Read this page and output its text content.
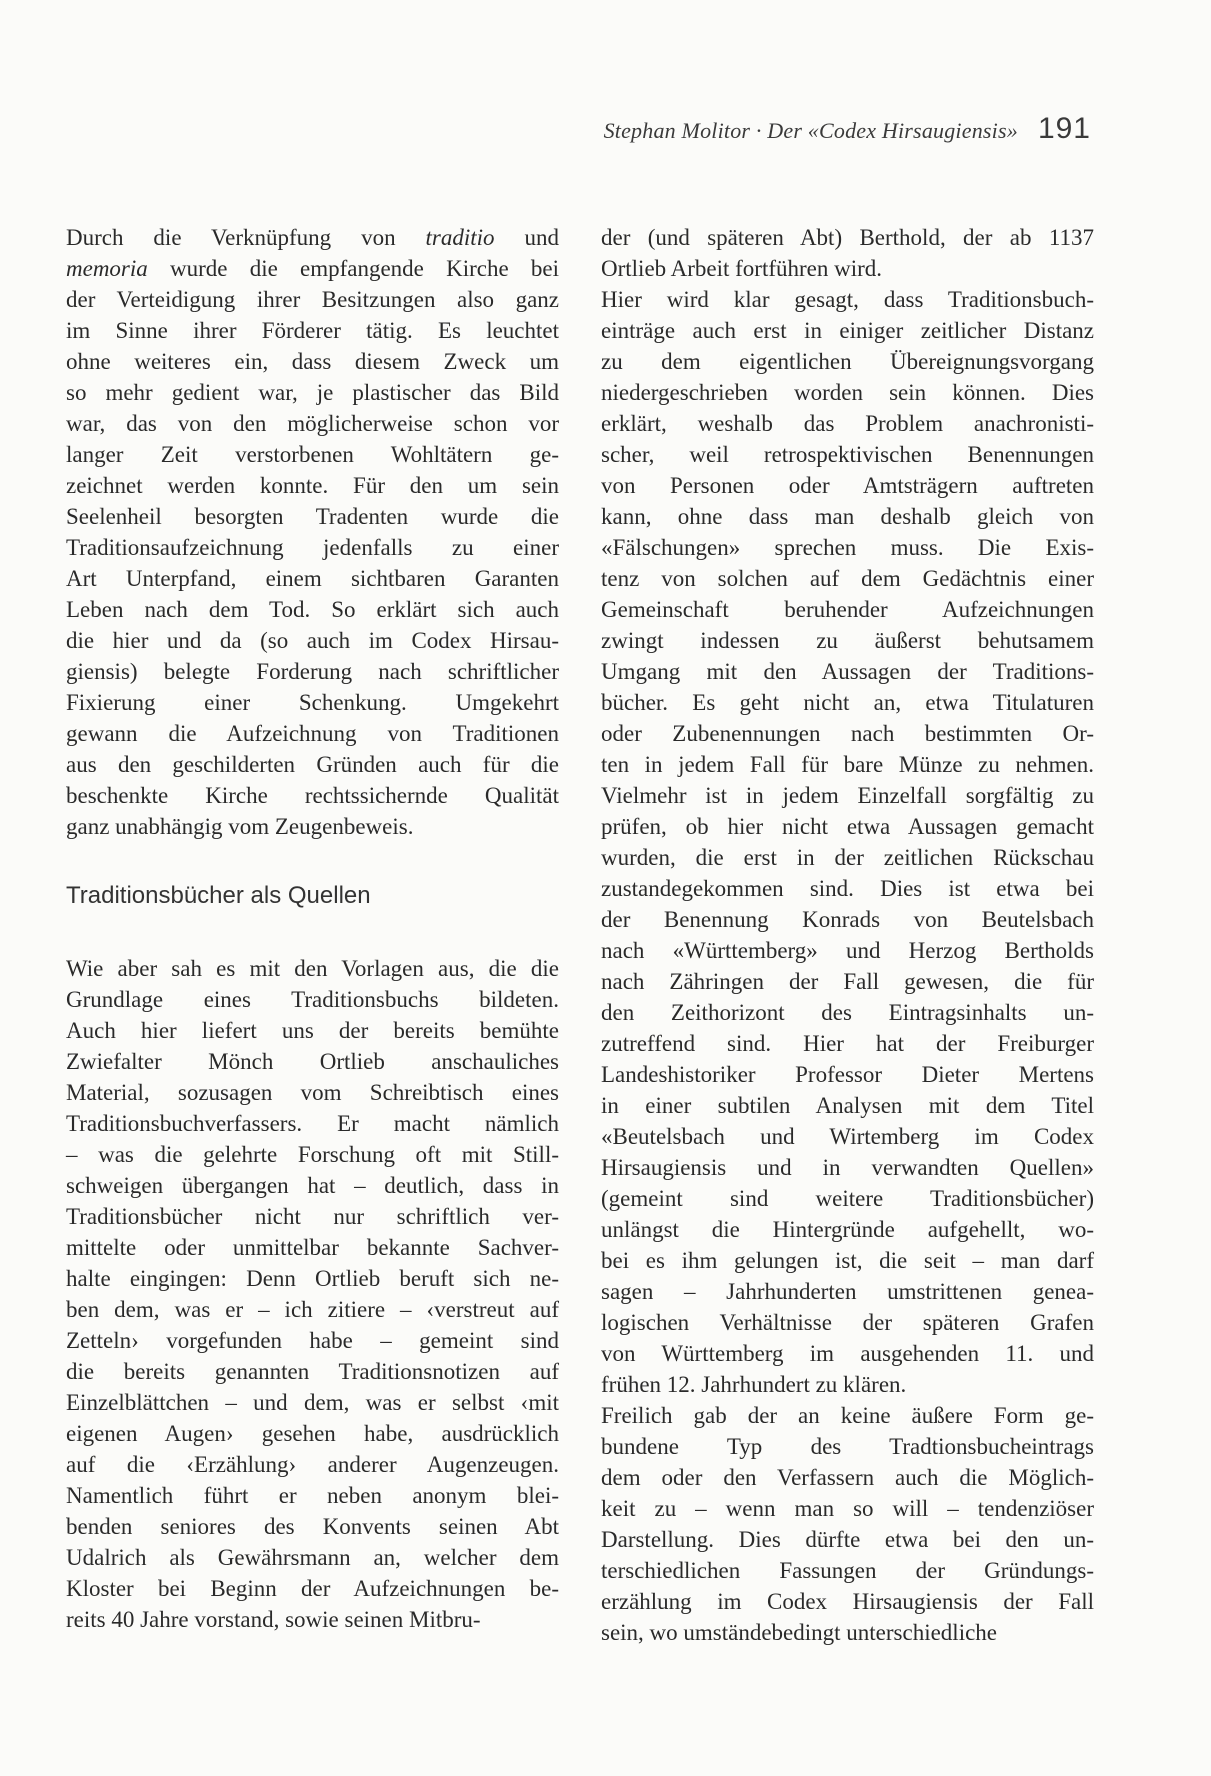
Stephan Molitor · Der «Codex Hirsaugiensis» 191
Durch die Verknüpfung von traditio und
memoria wurde die empfangende Kirche bei
der Verteidigung ihrer Besitzungen also ganz
im Sinne ihrer Förderer tätig. Es leuchtet
ohne weiteres ein, dass diesem Zweck um
so mehr gedient war, je plastischer das Bild
war, das von den möglicherweise schon vor
langer Zeit verstorbenen Wohltätern ge-
zeichnet werden konnte. Für den um sein
Seelenheil besorgten Tradenten wurde die
Traditionsaufzeichnung jedenfalls zu einer
Art Unterpfand, einem sichtbaren Garanten
Leben nach dem Tod. So erklärt sich auch
die hier und da (so auch im Codex Hirsau-
giensis) belegte Forderung nach schriftlicher
Fixierung einer Schenkung. Umgekehrt
gewann die Aufzeichnung von Traditionen
aus den geschilderten Gründen auch für die
beschenkte Kirche rechtssichernde Qualität
ganz unabhängig vom Zeugenbeweis.
Traditionsbücher als Quellen
Wie aber sah es mit den Vorlagen aus, die die
Grundlage eines Traditionsbuchs bildeten.
Auch hier liefert uns der bereits bemühte
Zwiefalter Mönch Ortlieb anschauliches
Material, sozusagen vom Schreibtisch eines
Traditionsbuchverfassers. Er macht nämlich
– was die gelehrte Forschung oft mit Still-
schweigen übergangen hat – deutlich, dass in
Traditionsbücher nicht nur schriftlich ver-
mittelte oder unmittelbar bekannte Sachver-
halte eingingen: Denn Ortlieb beruft sich ne-
ben dem, was er – ich zitiere – ‹verstreut auf
Zetteln› vorgefunden habe – gemeint sind
die bereits genannten Traditionsnotizen auf
Einzelblättchen – und dem, was er selbst ‹mit
eigenen Augen› gesehen habe, ausdrücklich
auf die ‹Erzählung› anderer Augenzeugen.
Namentlich führt er neben anonym blei-
benden seniores des Konvents seinen Abt
Udalrich als Gewährsmann an, welcher dem
Kloster bei Beginn der Aufzeichnungen be-
reits 40 Jahre vorstand, sowie seinen Mitbru-
der (und späteren Abt) Berthold, der ab 1137
Ortlieb Arbeit fortführen wird.
Hier wird klar gesagt, dass Traditionsbuch-
einträge auch erst in einiger zeitlicher Distanz
zu dem eigentlichen Übereignungsvorgang
niedergeschrieben worden sein können. Dies
erklärt, weshalb das Problem anachronisti-
scher, weil retrospektivischen Benennungen
von Personen oder Amtsträgern auftreten
kann, ohne dass man deshalb gleich von
«Fälschungen» sprechen muss. Die Exis-
tenz von solchen auf dem Gedächtnis einer
Gemeinschaft beruhender Aufzeichnungen
zwingt indessen zu äußerst behutsamem
Umgang mit den Aussagen der Traditions-
bücher. Es geht nicht an, etwa Titulaturen
oder Zubenennungen nach bestimmten Or-
ten in jedem Fall für bare Münze zu nehmen.
Vielmehr ist in jedem Einzelfall sorgfältig zu
prüfen, ob hier nicht etwa Aussagen gemacht
wurden, die erst in der zeitlichen Rückschau
zustandegekommen sind. Dies ist etwa bei
der Benennung Konrads von Beutelsbach
nach «Württemberg» und Herzog Bertholds
nach Zähringen der Fall gewesen, die für
den Zeithorizont des Eintragsinhalts un-
zutreffend sind. Hier hat der Freiburger
Landeshistoriker Professor Dieter Mertens
in einer subtilen Analysen mit dem Titel
«Beutelsbach und Wirtemberg im Codex
Hirsaugiensis und in verwandten Quellen»
(gemeint sind weitere Traditionsbücher)
unlängst die Hintergründe aufgehellt, wo-
bei es ihm gelungen ist, die seit – man darf
sagen – Jahrhunderten umstrittenen genea-
logischen Verhältnisse der späteren Grafen
von Württemberg im ausgehenden 11. und
frühen 12. Jahrhundert zu klären.
Freilich gab der an keine äußere Form ge-
bundene Typ des Tradtionsbucheintrags
dem oder den Verfassern auch die Möglich-
keit zu – wenn man so will – tendenziöser
Darstellung. Dies dürfte etwa bei den un-
terschiedlichen Fassungen der Gründungs-
erzählung im Codex Hirsaugiensis der Fall
sein, wo umständebedingt unterschiedliche
